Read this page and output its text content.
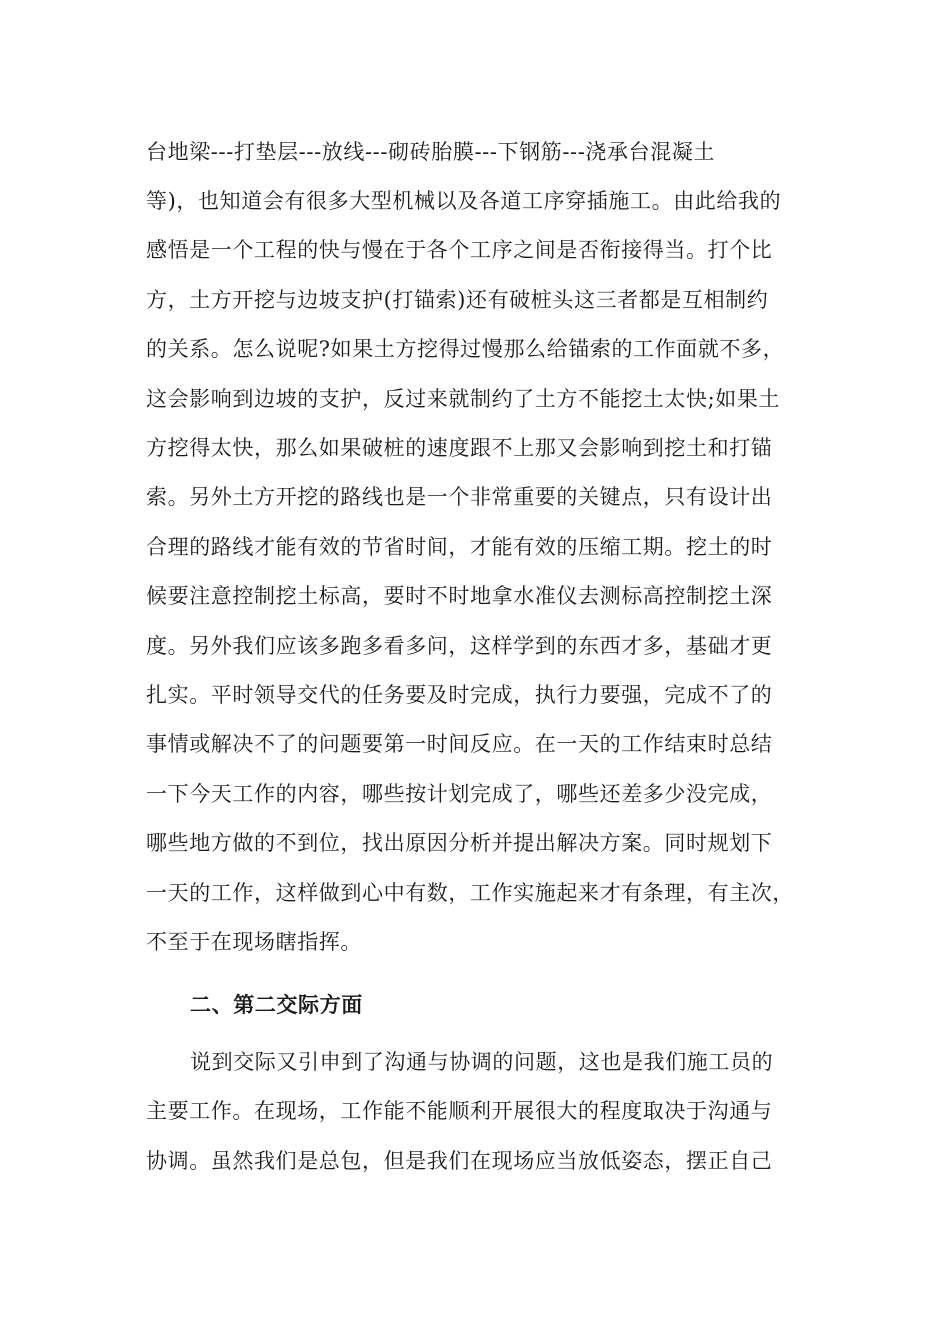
台地梁---打垫层---放线---砌砖胎膜---下钢筋---浇承台混凝土
等)，也知道会有很多大型机械以及各道工序穿插施工。由此给我的
感悟是一个工程的快与慢在于各个工序之间是否衔接得当。打个比
方，土方开挖与边坡支护(打锚索)还有破桩头这三者都是互相制约
的关系。怎么说呢?如果土方挖得过慢那么给锚索的工作面就不多，
这会影响到边坡的支护，反过来就制约了土方不能挖土太快;如果土
方挖得太快，那么如果破桩的速度跟不上那又会影响到挖土和打锚
索。另外土方开挖的路线也是一个非常重要的关键点，只有设计出
合理的路线才能有效的节省时间，才能有效的压缩工期。挖土的时
候要注意控制挖土标高，要时不时地拿水准仪去测标高控制挖土深
度。另外我们应该多跑多看多问，这样学到的东西才多，基础才更
扎实。平时领导交代的任务要及时完成，执行力要强，完成不了的
事情或解决不了的问题要第一时间反应。在一天的工作结束时总结
一下今天工作的内容，哪些按计划完成了，哪些还差多少没完成，
哪些地方做的不到位，找出原因分析并提出解决方案。同时规划下
一天的工作，这样做到心中有数，工作实施起来才有条理，有主次，
不至于在现场瞎指挥。
二、第二交际方面
说到交际又引申到了沟通与协调的问题，这也是我们施工员的
主要工作。在现场，工作能不能顺利开展很大的程度取决于沟通与
协调。虽然我们是总包，但是我们在现场应当放低姿态，摆正自己
